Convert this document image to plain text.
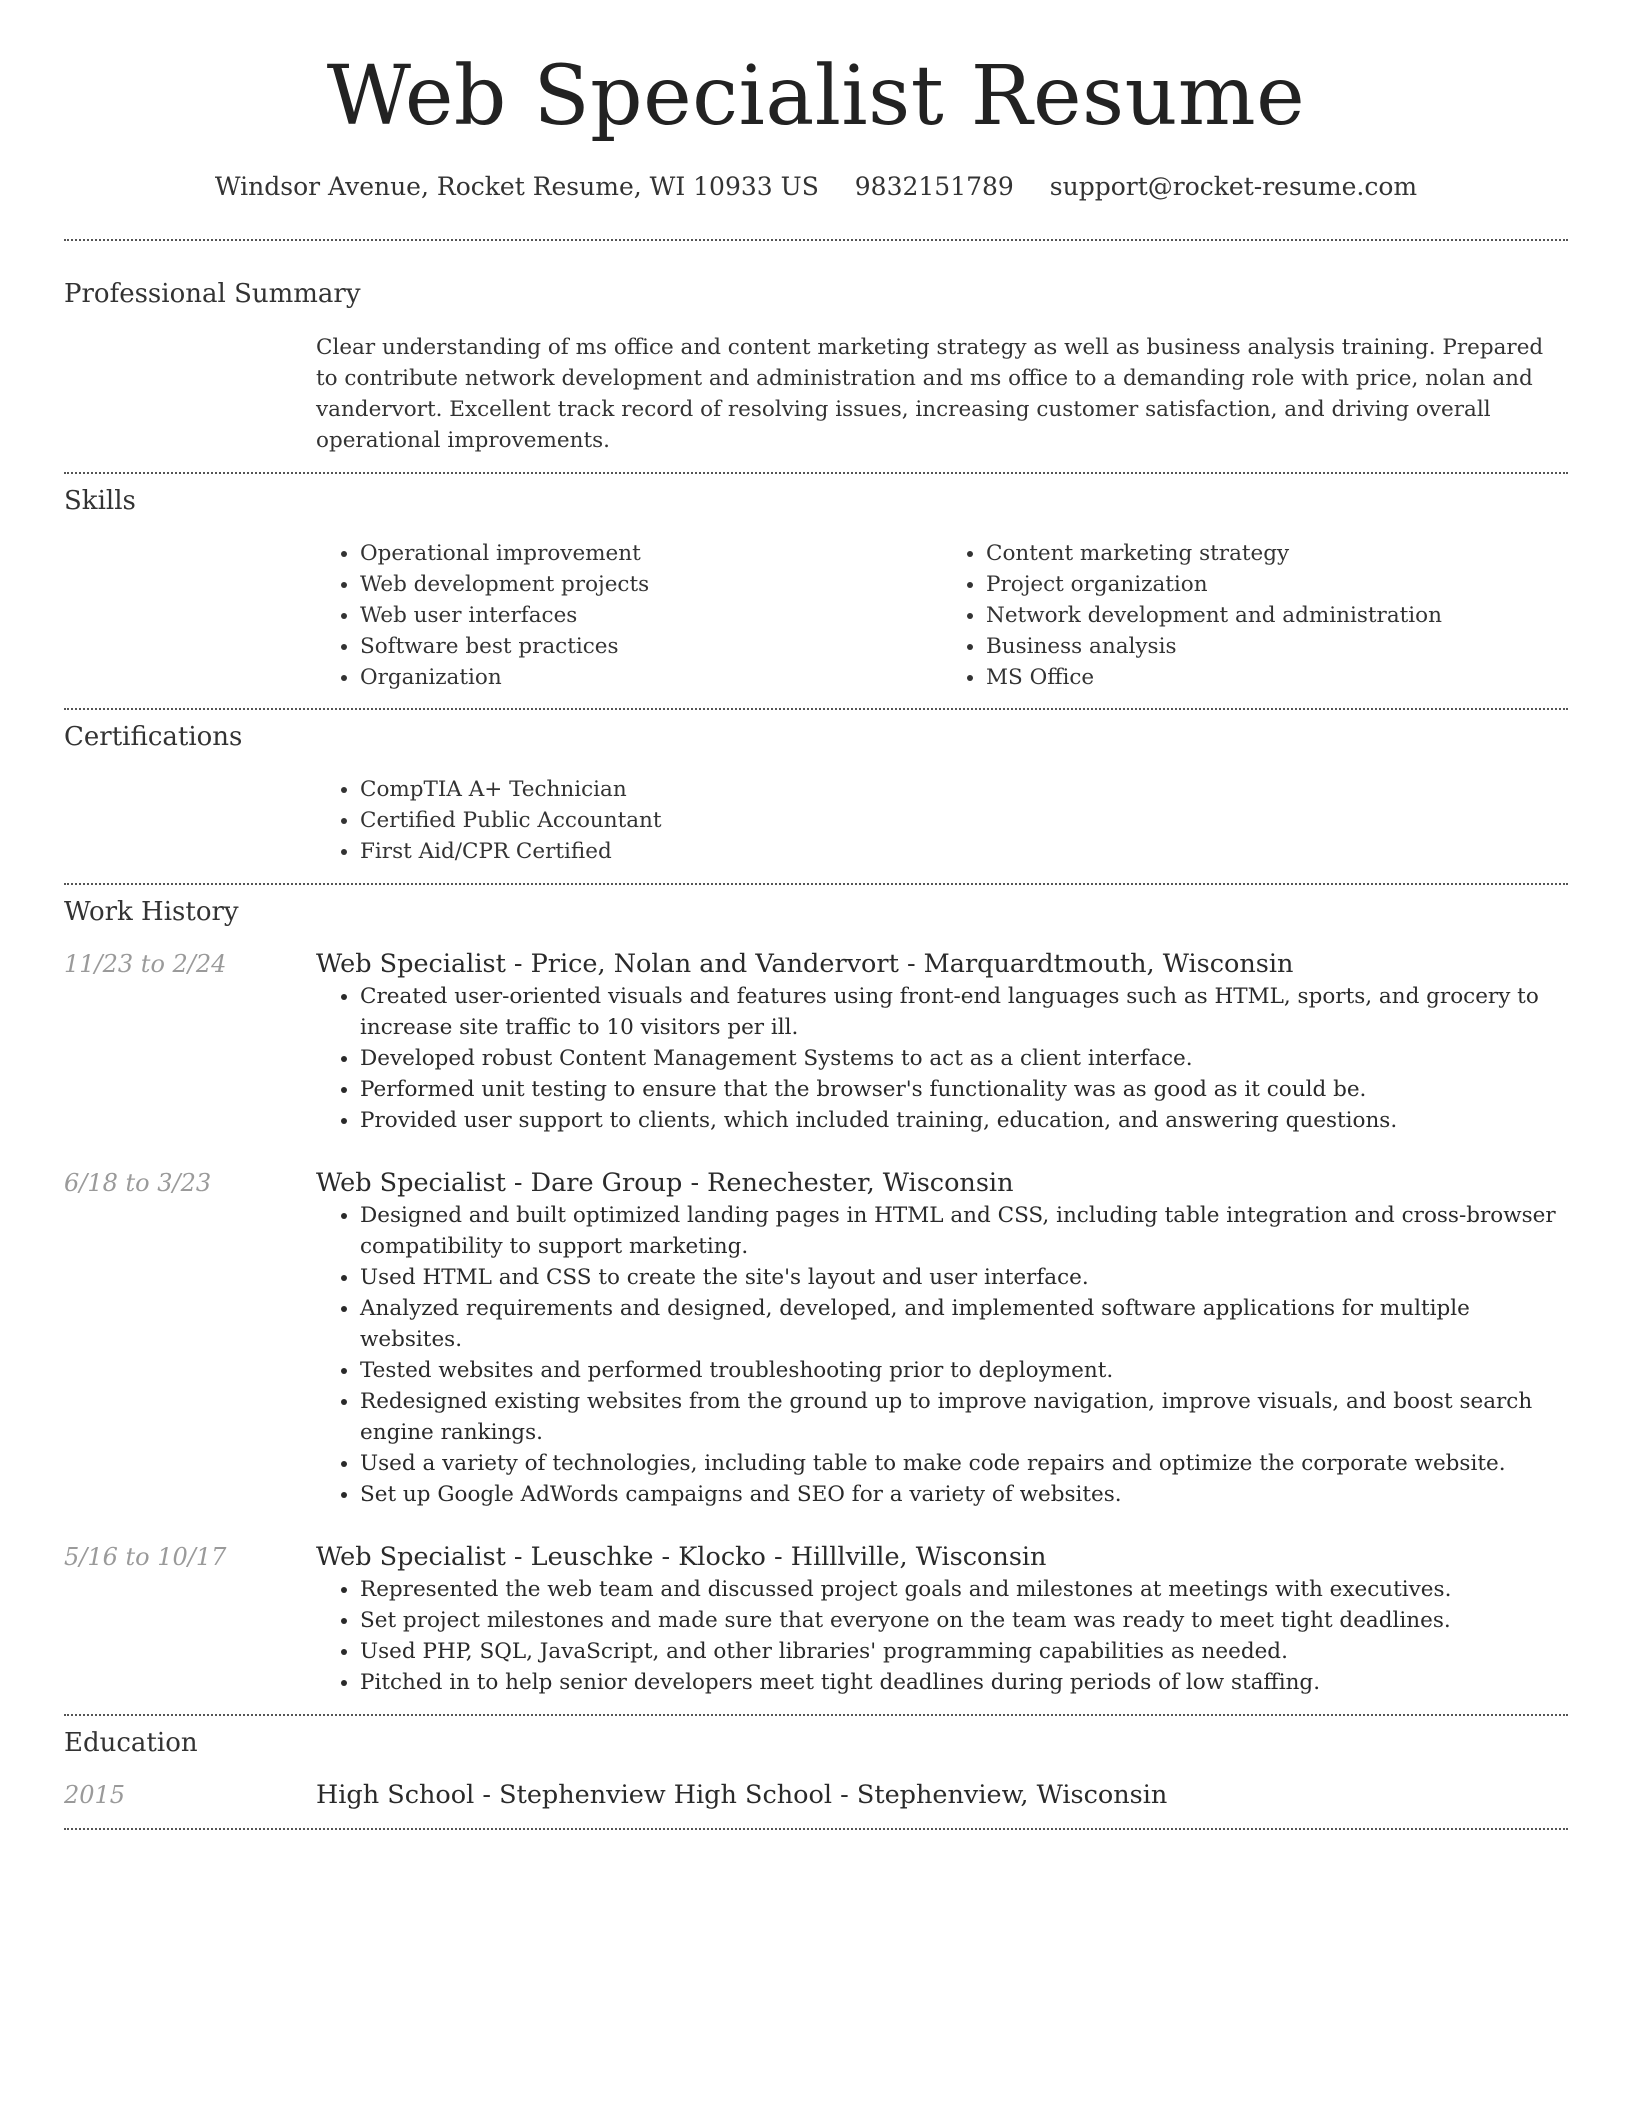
Web Specialist Resume
Windsor Avenue, Rocket Resume, WI 10933 US 9832151789 support@rocket-resume.com
Professional Summary
Clear understanding of ms office and content marketing strategy as well as business analysis training. Prepared to contribute network development and administration and ms office to a demanding role with price, nolan and vandervort. Excellent track record of resolving issues, increasing customer satisfaction, and driving overall operational improvements.
Skills
• Operational improvement
• Web development projects
• Web user interfaces
• Software best practices
• Organization
• Content marketing strategy
• Project organization
• Network development and administration
• Business analysis
• MS Office
Certifications
• CompTIA A+ Technician
• Certified Public Accountant
• First Aid/CPR Certified
Work History
11/23 to 2/24	Web Specialist - Price, Nolan and Vandervort - Marquardtmouth, Wisconsin
• Created user-oriented visuals and features using front-end languages such as HTML, sports, and grocery to increase site traffic to 10 visitors per ill.
• Developed robust Content Management Systems to act as a client interface.
• Performed unit testing to ensure that the browser's functionality was as good as it could be.
• Provided user support to clients, which included training, education, and answering questions.
6/18 to 3/23	Web Specialist - Dare Group - Renechester, Wisconsin
• Designed and built optimized landing pages in HTML and CSS, including table integration and cross-browser compatibility to support marketing.
• Used HTML and CSS to create the site's layout and user interface.
• Analyzed requirements and designed, developed, and implemented software applications for multiple websites.
• Tested websites and performed troubleshooting prior to deployment.
• Redesigned existing websites from the ground up to improve navigation, improve visuals, and boost search engine rankings.
• Used a variety of technologies, including table to make code repairs and optimize the corporate website.
• Set up Google AdWords campaigns and SEO for a variety of websites.
5/16 to 10/17	Web Specialist - Leuschke - Klocko - Hilllville, Wisconsin
• Represented the web team and discussed project goals and milestones at meetings with executives.
• Set project milestones and made sure that everyone on the team was ready to meet tight deadlines.
• Used PHP, SQL, JavaScript, and other libraries' programming capabilities as needed.
• Pitched in to help senior developers meet tight deadlines during periods of low staffing.
Education
2015	High School - Stephenview High School - Stephenview, Wisconsin
